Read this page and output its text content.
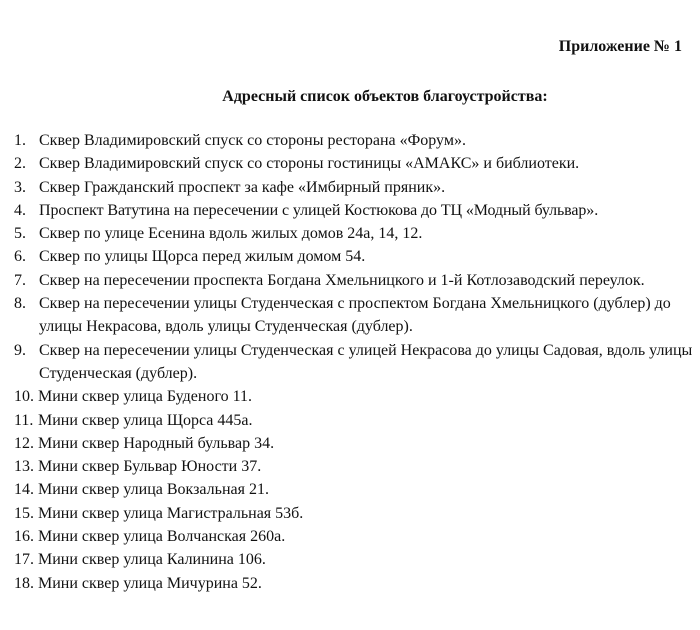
Приложение № 1
Адресный список объектов благоустройства:
1. Сквер Владимировский спуск со стороны ресторана «Форум».
2. Сквер Владимировский спуск со стороны гостиницы «АМАКС» и библиотеки.
3. Сквер Гражданский проспект за кафе «Имбирный пряник».
4. Проспект Ватутина на пересечении с улицей Костюкова до ТЦ «Модный бульвар».
5. Сквер по улице Есенина вдоль жилых домов 24а, 14, 12.
6. Сквер по улицы Щорса перед жилым домом 54.
7. Сквер на пересечении проспекта Богдана Хмельницкого и 1-й Котлозаводский переулок.
8. Сквер на пересечении улицы Студенческая с проспектом Богдана Хмельницкого (дублер) до улицы Некрасова, вдоль улицы Студенческая (дублер).
9. Сквер на пересечении улицы Студенческая с улицей Некрасова до улицы Садовая, вдоль улицы Студенческая (дублер).
10. Мини сквер улица Буденого 11.
11. Мини сквер улица Щорса 445а.
12. Мини сквер Народный бульвар 34.
13. Мини сквер Бульвар Юности 37.
14. Мини сквер улица Вокзальная 21.
15. Мини сквер улица Магистральная 53б.
16. Мини сквер улица Волчанская 260а.
17. Мини сквер улица Калинина 106.
18. Мини сквер улица Мичурина 52.
